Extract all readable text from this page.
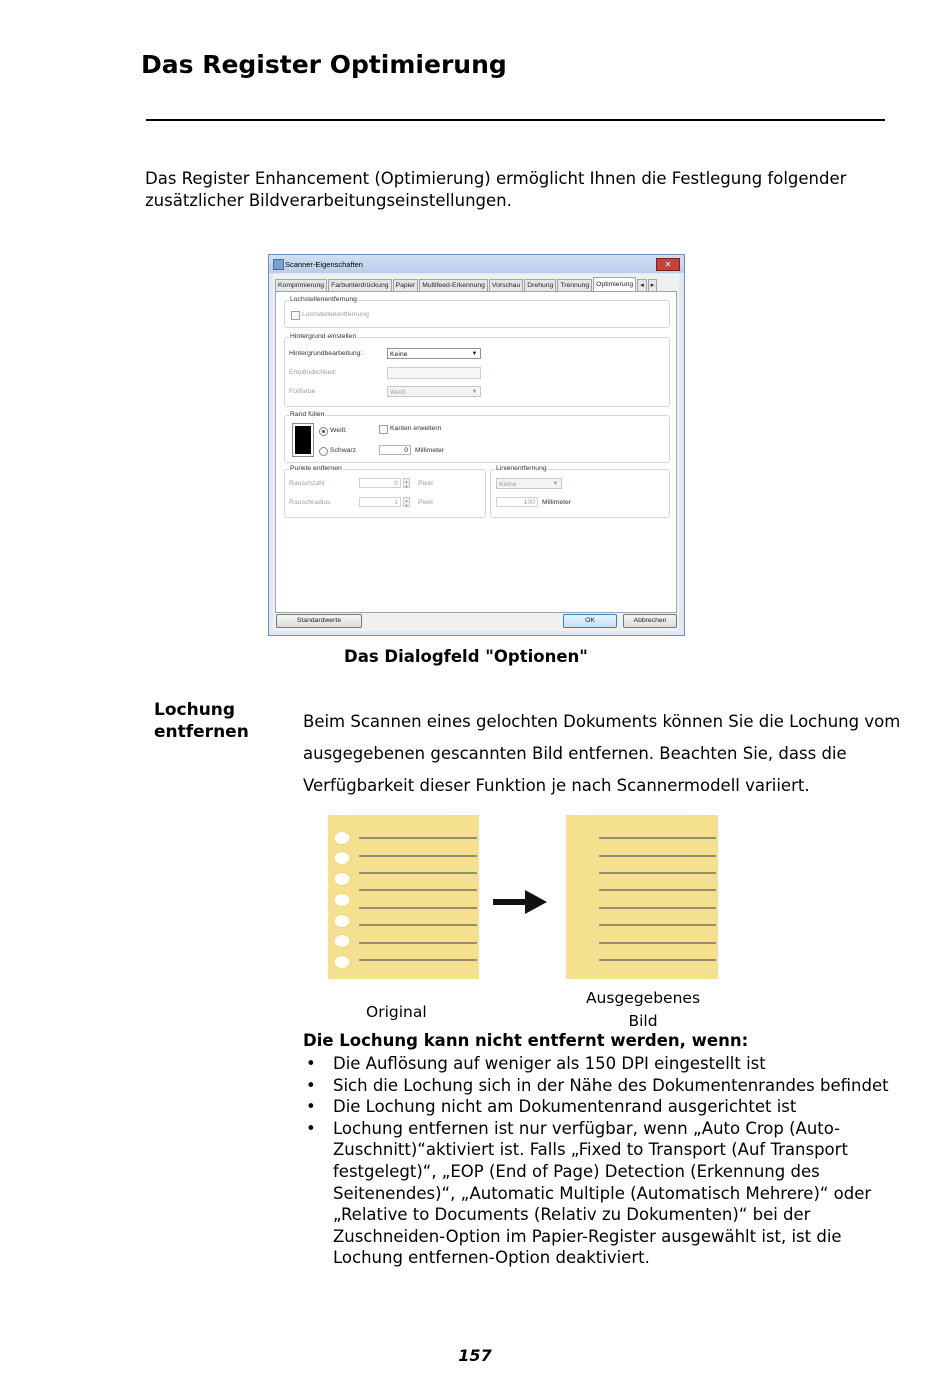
Das Register Optimierung

Das Register Enhancement (Optimierung) ermöglicht Ihnen die Festlegung folgender zusätzlicher Bildverarbeitungseinstellungen.

Scanner-Eigenschaften	✕
Komprimierung Farbunterdrückung Papier Multifeed-Erkennung Vorschau Drehung Trennung Optimierung ◂ ▸
Lochstellenentfernung
Lochstellenentfernung
Hintergrund einstellen
Hintergrundbearbeitung:	Keine	▼
Empfindlichkeit:
Füllfarbe	Weiß	▼
Rand füllen
Weiß
Schwarz
Kanten erweitern
0	Millimeter
Punkte entfernen
Rauschzahl	0	▲
▼ Pixel
Rauschradius	1	▲
▼ Pixel
Linienentfernung
Keine	▼
100	Millimeter
Standardwerte	OK	Abbrechen

Das Dialogfeld "Optionen"

Lochung entfernen

Beim Scannen eines gelochten Dokuments können Sie die Lochung vom ausgegebenen gescannten Bild entfernen. Beachten Sie, dass die Verfügbarkeit dieser Funktion je nach Scannermodell variiert.

Original
Ausgegebenes Bild

Die Lochung kann nicht entfernt werden, wenn:

• Die Auflösung auf weniger als 150 DPI eingestellt ist
• Sich die Lochung sich in der Nähe des Dokumentenrandes befindet
• Die Lochung nicht am Dokumentenrand ausgerichtet ist
• Lochung entfernen ist nur verfügbar, wenn „Auto Crop (Auto-Zuschnitt)“aktiviert ist. Falls „Fixed to Transport (Auf Transport festgelegt)“, „EOP (End of Page) Detection (Erkennung des Seitenendes)“, „Automatic Multiple (Automatisch Mehrere)“ oder „Relative to Documents (Relativ zu Dokumenten)“ bei der Zuschneiden-Option im Papier-Register ausgewählt ist, ist die Lochung entfernen-Option deaktiviert.

157
